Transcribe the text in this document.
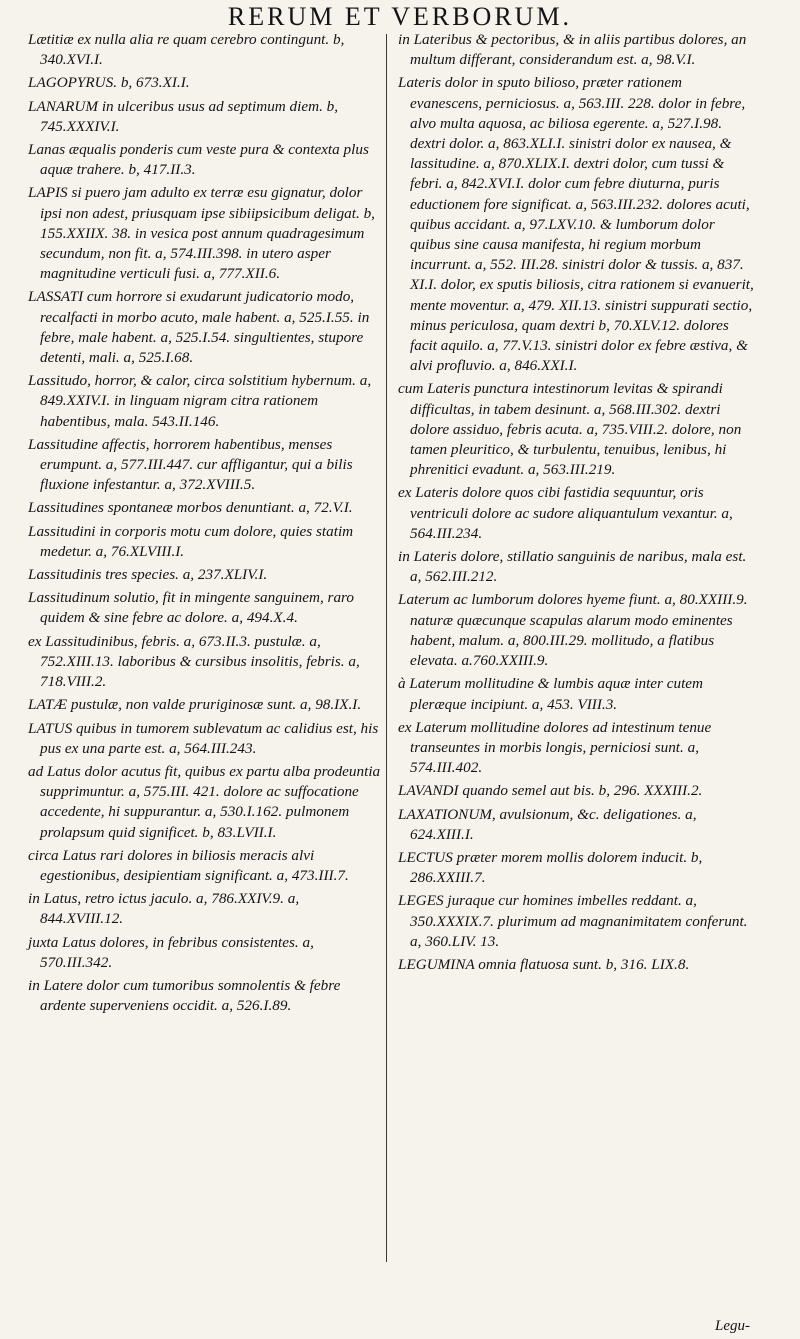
RERUM ET VERBORUM.

Lætitiæ ex nulla alia re quam cerebro contingunt. b, 340.XVI.I.

LAGOPYRUS. b, 673.XI.I.

LANARUM in ulceribus usus ad septimum diem. b, 745.XXXIV.I.

Lanas æqualis ponderis cum veste pura & contexta plus aquæ trahere. b, 417.II.3.

LAPIS si puero jam adulto ex terræ esu gignatur, dolor ipsi non adest, priusquam ipse sibiipsicibum deligat. b, 155.XXIIX. 38. in vesica post annum quadragesimum secundum, non fit. a, 574.III.398. in utero asper magnitudine verticuli fusi. a, 777.XII.6.

LASSATI cum horrore si exudarunt judicatorio modo, recalfacti in morbo acuto, male habent. a, 525.I.55. in febre, male habent. a, 525.I.54. singultientes, stupore detenti, mali. a, 525.I.68.

Lassitudo, horror, & calor, circa solstitium hybernum. a, 849.XXIV.I. in linguam nigram citra rationem habentibus, mala. 543.II.146.

Lassitudine affectis, horrorem habentibus, menses erumpunt. a, 577.III.447. cur affligantur, qui a bilis fluxione infestantur. a, 372.XVIII.5.

Lassitudines spontaneæ morbos denuntiant. a, 72.V.I.

Lassitudini in corporis motu cum dolore, quies statim medetur. a, 76.XLVIII.I.

Lassitudinis tres species. a, 237.XLIV.I.

Lassitudinum solutio, fit in mingente sanguinem, raro quidem & sine febre ac dolore. a, 494.X.4.

ex Lassitudinibus, febris. a, 673.II.3. pustulæ. a, 752.XIII.13. laboribus & cursibus insolitis, febris. a, 718.VIII.2.

LATÆ pustulæ, non valde pruriginosæ sunt. a, 98.IX.I.

LATUS quibus in tumorem sublevatum ac calidius est, his pus ex una parte est. a, 564.III.243.

ad Latus dolor acutus fit, quibus ex partu alba prodeuntia supprimuntur. a, 575.III. 421. dolore ac suffocatione accedente, hi suppurantur. a, 530.I.162. pulmonem prolapsum quid significet. b, 83.LVII.I.

circa Latus rari dolores in biliosis meracis alvi egestionibus, desipientiam significant. a, 473.III.7.

in Latus, retro ictus jaculo. a, 786.XXIV.9. a, 844.XVIII.12.

juxta Latus dolores, in febribus consistentes. a, 570.III.342.

in Latere dolor cum tumoribus somnolentis & febre ardente superveniens occidit. a, 526.I.89.

in Lateribus & pectoribus, & in aliis partibus dolores, an multum differant, considerandum est. a, 98.V.I.

Lateris dolor in sputo bilioso, præter rationem evanescens, perniciosus. a, 563.III. 228. dolor in febre, alvo multa aquosa, ac biliosa egerente. a, 527.I.98. dextri dolor. a, 863.XLI.I. sinistri dolor ex nausea, & lassitudine. a, 870.XLIX.I. dextri dolor, cum tussi & febri. a, 842.XVI.I. dolor cum febre diuturna, puris eductionem fore significat. a, 563.III.232. dolores acuti, quibus accidant. a, 97.LXV.10. & lumborum dolor quibus sine causa manifesta, hi regium morbum incurrunt. a, 552. III.28. sinistri dolor & tussis. a, 837. XI.I. dolor, ex sputis biliosis, citra rationem si evanuerit, mente moventur. a, 479. XII.13. sinistri suppurati sectio, minus periculosa, quam dextri b, 70.XLV.12. dolores facit aquilo. a, 77.V.13. sinistri dolor ex febre æstiva, & alvi profluvio. a, 846.XXI.I.

cum Lateris punctura intestinorum levitas & spirandi difficultas, in tabem desinunt. a, 568.III.302. dextri dolore assiduo, febris acuta. a, 735.VIII.2. dolore, non tamen pleuritico, & turbulentu, tenuibus, lenibus, hi phrenitici evadunt. a, 563.III.219.

ex Lateris dolore quos cibi fastidia sequuntur, oris ventriculi dolore ac sudore aliquantulum vexantur. a, 564.III.234.

in Lateris dolore, stillatio sanguinis de naribus, mala est. a, 562.III.212.

Laterum ac lumborum dolores hyeme fiunt. a, 80.XXIII.9. naturæ quæcunque scapulas alarum modo eminentes habent, malum. a, 800.III.29. mollitudo, a flatibus elevata. a.760.XXIII.9.

à Laterum mollitudine & lumbis aquæ inter cutem pleræque incipiunt. a, 453. VIII.3.

ex Laterum mollitudine dolores ad intestinum tenue transeuntes in morbis longis, perniciosi sunt. a, 574.III.402.

LAVANDI quando semel aut bis. b, 296. XXXIII.2.

LAXATIONUM, avulsionum, &c. deligationes. a, 624.XIII.I.

LECTUS præter morem mollis dolorem inducit. b, 286.XXIII.7.

LEGES juraque cur homines imbelles reddant. a, 350.XXXIX.7. plurimum ad magnanimitatem conferunt. a, 360.LIV. 13.

LEGUMINA omnia flatuosa sunt. b, 316. LIX.8.

Legu-
